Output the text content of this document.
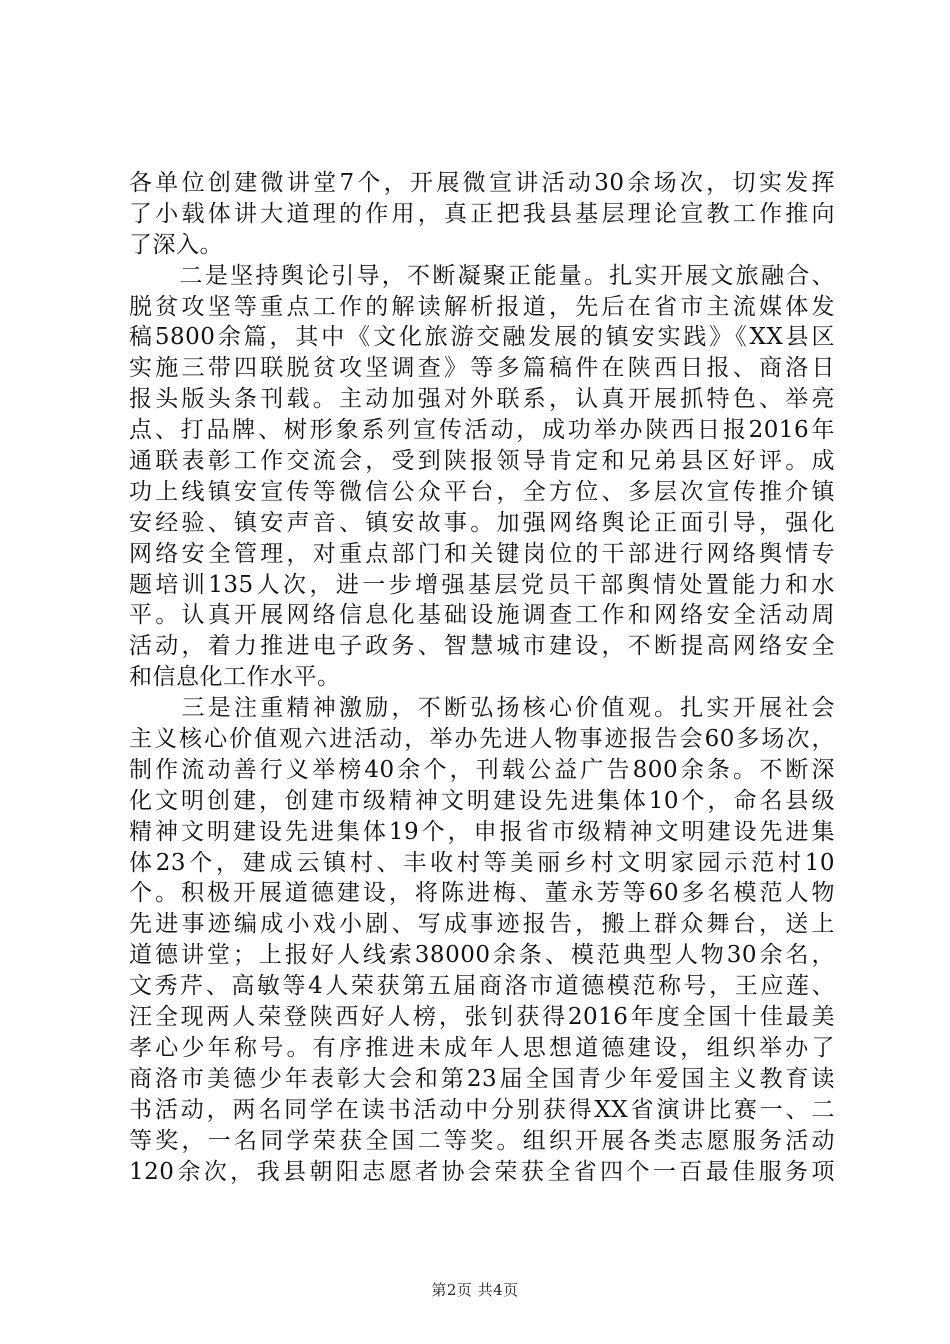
各单位创建微讲堂7个，开展微宣讲活动30余场次，切实发挥
了小载体讲大道理的作用，真正把我县基层理论宣教工作推向
了深入。
　　二是坚持舆论引导，不断凝聚正能量。扎实开展文旅融合、
脱贫攻坚等重点工作的解读解析报道，先后在省市主流媒体发
稿5800余篇，其中《文化旅游交融发展的镇安实践》《XX县区
实施三带四联脱贫攻坚调查》等多篇稿件在陕西日报、商洛日
报头版头条刊载。主动加强对外联系，认真开展抓特色、举亮
点、打品牌、树形象系列宣传活动，成功举办陕西日报2016年
通联表彰工作交流会，受到陕报领导肯定和兄弟县区好评。成
功上线镇安宣传等微信公众平台，全方位、多层次宣传推介镇
安经验、镇安声音、镇安故事。加强网络舆论正面引导，强化
网络安全管理，对重点部门和关键岗位的干部进行网络舆情专
题培训135人次，进一步增强基层党员干部舆情处置能力和水
平。认真开展网络信息化基础设施调查工作和网络安全活动周
活动，着力推进电子政务、智慧城市建设，不断提高网络安全
和信息化工作水平。
　　三是注重精神激励，不断弘扬核心价值观。扎实开展社会
主义核心价值观六进活动，举办先进人物事迹报告会60多场次，
制作流动善行义举榜40余个，刊载公益广告800余条。不断深
化文明创建，创建市级精神文明建设先进集体10个，命名县级
精神文明建设先进集体19个，申报省市级精神文明建设先进集
体23个，建成云镇村、丰收村等美丽乡村文明家园示范村10
个。积极开展道德建设，将陈进梅、董永芳等60多名模范人物
先进事迹编成小戏小剧、写成事迹报告，搬上群众舞台，送上
道德讲堂；上报好人线索38000余条、模范典型人物30余名，
文秀芹、高敏等4人荣获第五届商洛市道德模范称号，王应莲、
汪全现两人荣登陕西好人榜，张钊获得2016年度全国十佳最美
孝心少年称号。有序推进未成年人思想道德建设，组织举办了
商洛市美德少年表彰大会和第23届全国青少年爱国主义教育读
书活动，两名同学在读书活动中分别获得XX省演讲比赛一、二
等奖，一名同学荣获全国二等奖。组织开展各类志愿服务活动
120余次，我县朝阳志愿者协会荣获全省四个一百最佳服务项
第2页 共4页
